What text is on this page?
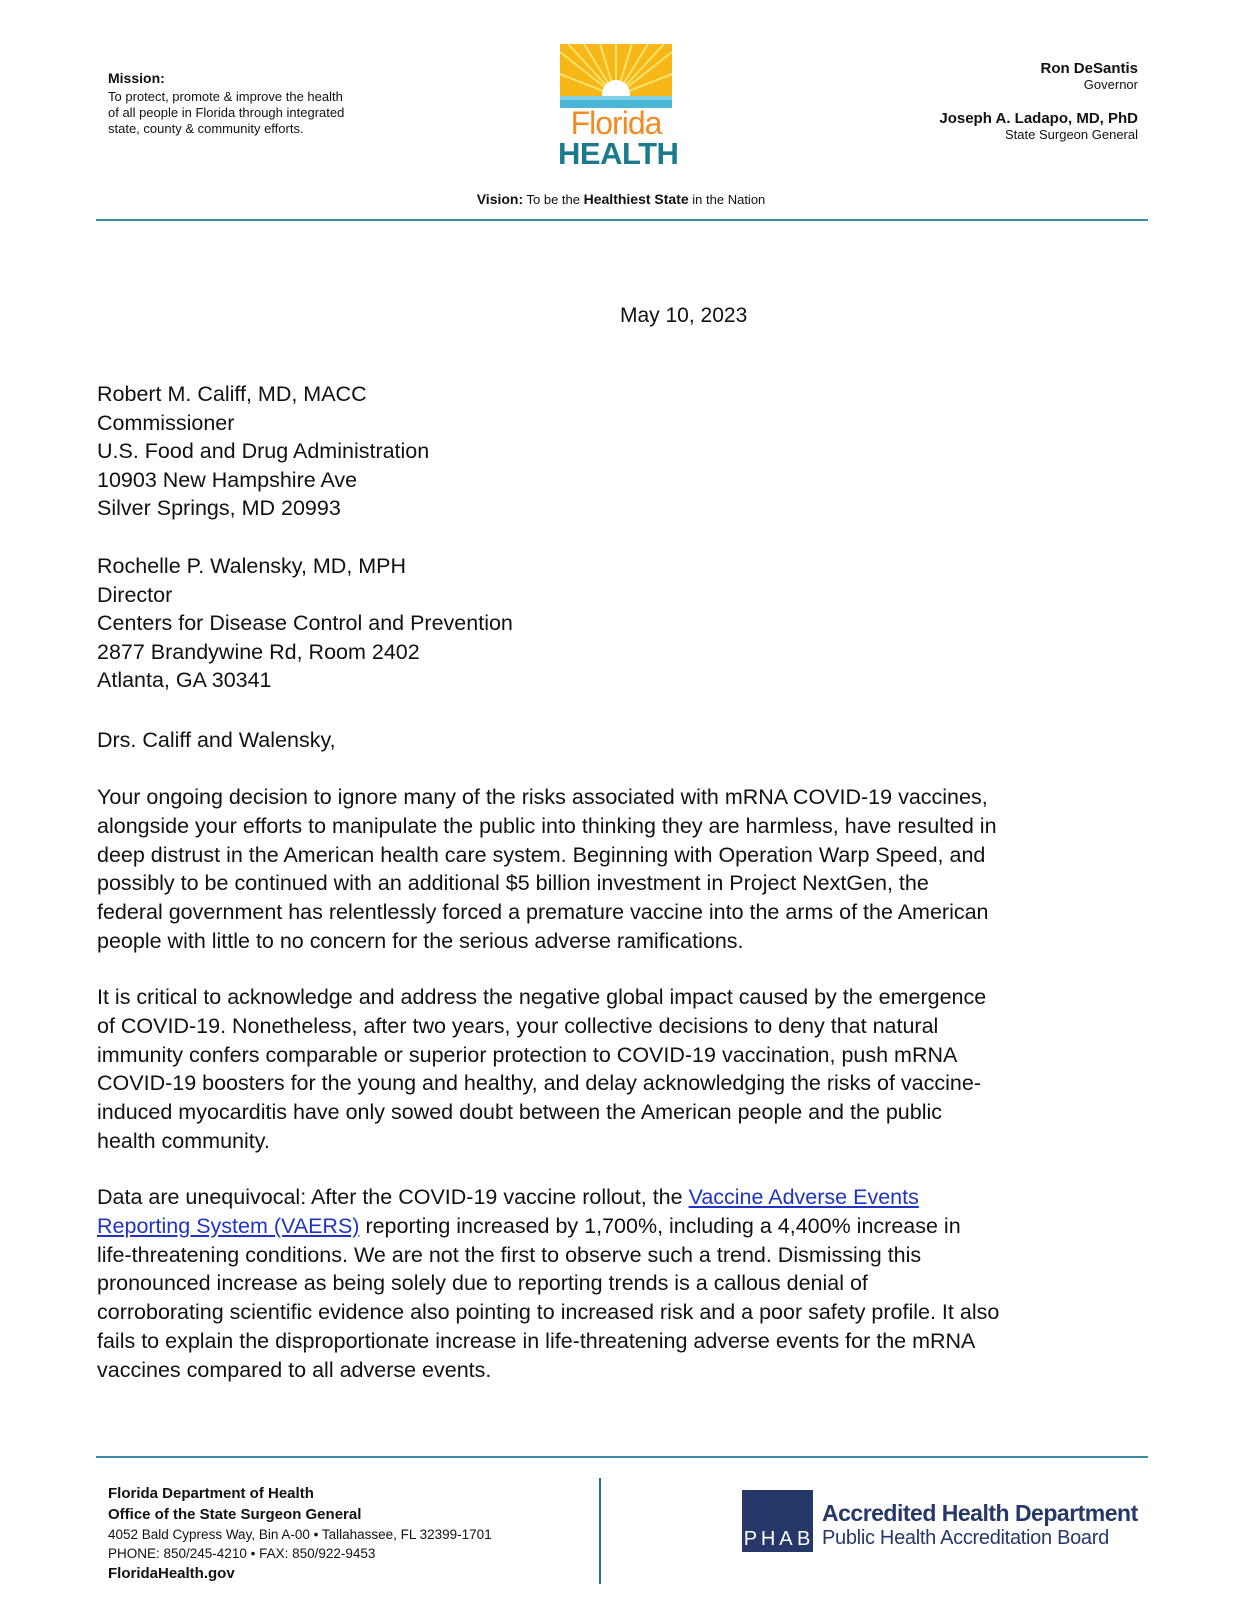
Mission:
To protect, promote & improve the health
of all people in Florida through integrated
state, county & community efforts.	Florida
HEALTH
Ron DeSantis
Governor
Joseph A. Ladapo, MD, PhD
State Surgeon General
Vision: To be the Healthiest State in the Nation
May 10, 2023
Robert M. Califf, MD, MACC
Commissioner
U.S. Food and Drug Administration
10903 New Hampshire Ave
Silver Springs, MD 20993
Rochelle P. Walensky, MD, MPH
Director
Centers for Disease Control and Prevention
2877 Brandywine Rd, Room 2402
Atlanta, GA 30341
Drs. Califf and Walensky,
Your ongoing decision to ignore many of the risks associated with mRNA COVID-19 vaccines,
alongside your efforts to manipulate the public into thinking they are harmless, have resulted in
deep distrust in the American health care system. Beginning with Operation Warp Speed, and
possibly to be continued with an additional $5 billion investment in Project NextGen, the
federal government has relentlessly forced a premature vaccine into the arms of the American
people with little to no concern for the serious adverse ramifications.
It is critical to acknowledge and address the negative global impact caused by the emergence
of COVID-19. Nonetheless, after two years, your collective decisions to deny that natural
immunity confers comparable or superior protection to COVID-19 vaccination, push mRNA
COVID-19 boosters for the young and healthy, and delay acknowledging the risks of vaccine-
induced myocarditis have only sowed doubt between the American people and the public
health community.
Data are unequivocal: After the COVID-19 vaccine rollout, the Vaccine Adverse Events
Reporting System (VAERS) reporting increased by 1,700%, including a 4,400% increase in
life-threatening conditions. We are not the first to observe such a trend. Dismissing this
pronounced increase as being solely due to reporting trends is a callous denial of
corroborating scientific evidence also pointing to increased risk and a poor safety profile. It also
fails to explain the disproportionate increase in life-threatening adverse events for the mRNA
vaccines compared to all adverse events.
Florida Department of Health
Office of the State Surgeon General
4052 Bald Cypress Way, Bin A-00 • Tallahassee, FL 32399-1701
PHONE: 850/245-4210 • FAX: 850/922-9453
FloridaHealth.gov
P H A B
Accredited Health Department
Public Health Accreditation Board
